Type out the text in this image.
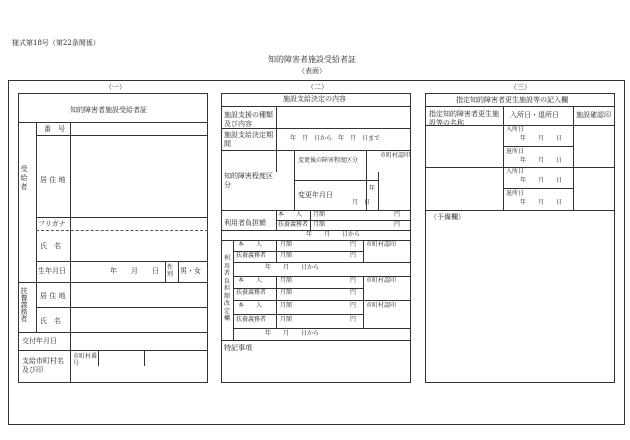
様式第18号（第22条関係）
知的障害者施設受給者証
（表面）
（一）	（二）	（三）
知的障害者施設受給者証
受給者
番　号
居 住 地
フリガナ
氏　名
生年月日	年　　月　　日 性別 男・女
扶養義務者 居 住 地
氏　名
交付年月日
支給市町村名及び印
市町村番号
施設支給決定の内容
施設支援の種類及び内容
施設支給決定期間
年　月　日から　年　月　日まで
知的障害程度区分
変更後の障害程度区分
市町村認印
変更年月日
年
月　日
利用者負担額
本　　人 月額	円
扶養義務者 月額	円
年　　月　　日から
利用者負担額改定欄
本　　人	月額	円 市町村認印
扶養義務者 月額	円
年　　月　　日から
本　　人	月額	円 市町村認印
扶養義務者 月額	円
本　　人	月額	円 市町村認印
扶養義務者 月額	円
年　　月　　日から
特記事項
指定知的障害者更生施設等の記入欄
指定知的障害者更生施設等の名称
入所日・退所日 施設確認印
入所日
年　　月　　日
退所日
年　　月　　日
入所日
年　　月　　日
退所日
年　　月　　日
（予備欄）
